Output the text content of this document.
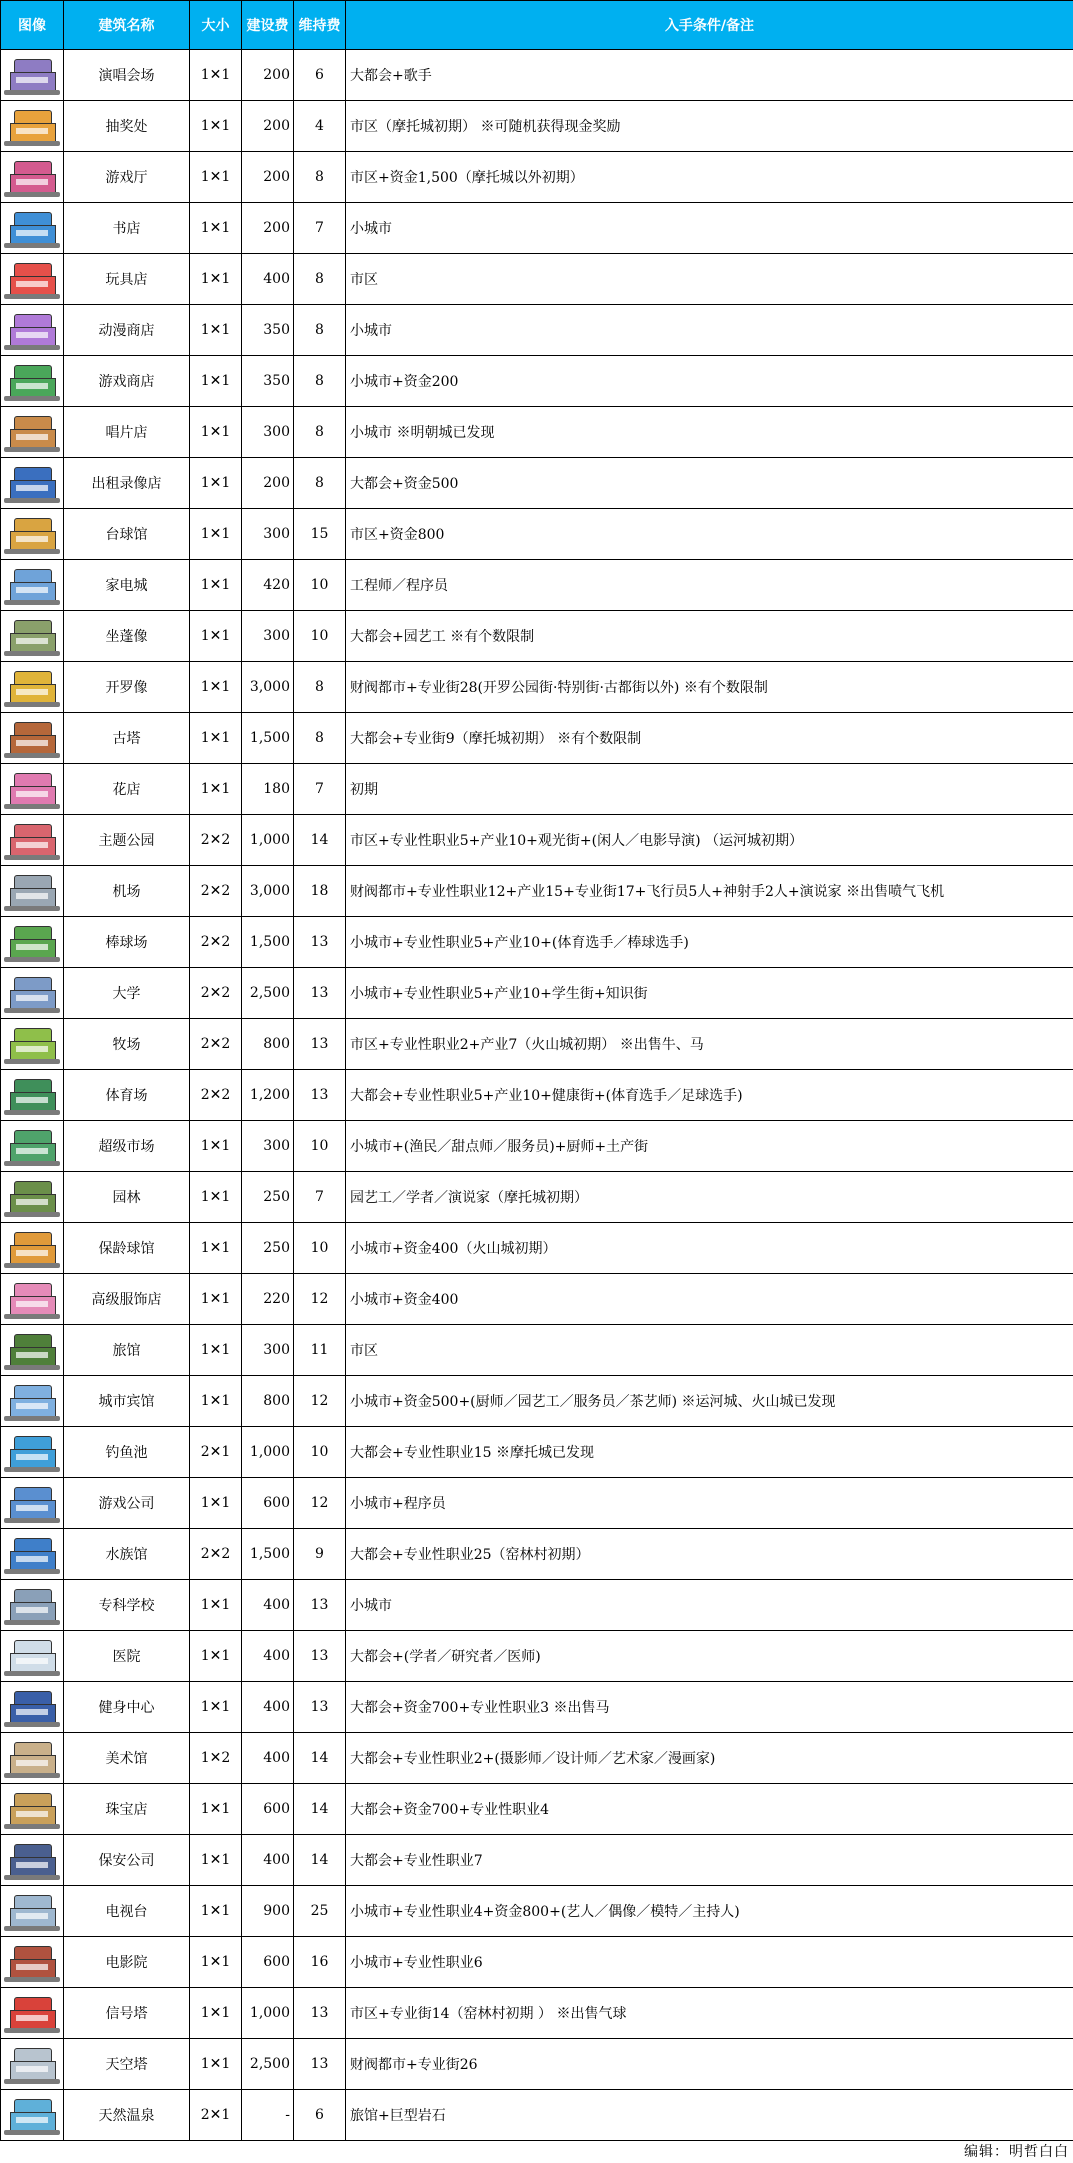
图像	建筑名称	大小	建设费	维持费	入手条件/备注

	演唱会场	1✕1	200	6	大都会+歌手

	抽奖处	1✕1	200	4	市区（摩托城初期） ※可随机获得现金奖励

	游戏厅	1✕1	200	8	市区+资金1,500（摩托城以外初期）

	书店	1✕1	200	7	小城市

	玩具店	1✕1	400	8	市区

	动漫商店	1✕1	350	8	小城市

	游戏商店	1✕1	350	8	小城市+资金200

	唱片店	1✕1	300	8	小城市 ※明朝城已发现

	出租录像店	1✕1	200	8	大都会+资金500

	台球馆	1✕1	300	15	市区+资金800

	家电城	1✕1	420	10	工程师／程序员

	坐蓬像	1✕1	300	10	大都会+园艺工 ※有个数限制

	开罗像	1✕1	3,000	8	财阀都市+专业街28(开罗公园街·特别街·古都街以外) ※有个数限制

	古塔	1✕1	1,500	8	大都会+专业街9（摩托城初期） ※有个数限制

	花店	1✕1	180	7	初期

	主题公园	2✕2	1,000	14	市区+专业性职业5+产业10+观光街+(闲人／电影导演) （运河城初期）

	机场	2✕2	3,000	18	财阀都市+专业性职业12+产业15+专业街17+飞行员5人+神射手2人+演说家 ※出售喷气飞机

	棒球场	2✕2	1,500	13	小城市+专业性职业5+产业10+(体育选手／棒球选手)

	大学	2✕2	2,500	13	小城市+专业性职业5+产业10+学生街+知识街

	牧场	2✕2	800	13	市区+专业性职业2+产业7（火山城初期） ※出售牛、马

	体育场	2✕2	1,200	13	大都会+专业性职业5+产业10+健康街+(体育选手／足球选手)

	超级市场	1✕1	300	10	小城市+(渔民／甜点师／服务员)+厨师+土产街

	园林	1✕1	250	7	园艺工／学者／演说家（摩托城初期）

	保龄球馆	1✕1	250	10	小城市+资金400（火山城初期）

	高级服饰店	1✕1	220	12	小城市+资金400

	旅馆	1✕1	300	11	市区

	城市宾馆	1✕1	800	12	小城市+资金500+(厨师／园艺工／服务员／茶艺师) ※运河城、火山城已发现

	钓鱼池	2✕1	1,000	10	大都会+专业性职业15 ※摩托城已发现

	游戏公司	1✕1	600	12	小城市+程序员

	水族馆	2✕2	1,500	9	大都会+专业性职业25（窑林村初期）

	专科学校	1✕1	400	13	小城市

	医院	1✕1	400	13	大都会+(学者／研究者／医师)

	健身中心	1✕1	400	13	大都会+资金700+专业性职业3 ※出售马

	美术馆	1✕2	400	14	大都会+专业性职业2+(摄影师／设计师／艺术家／漫画家)

	珠宝店	1✕1	600	14	大都会+资金700+专业性职业4

	保安公司	1✕1	400	14	大都会+专业性职业7

	电视台	1✕1	900	25	小城市+专业性职业4+资金800+(艺人／偶像／模特／主持人)

	电影院	1✕1	600	16	小城市+专业性职业6

	信号塔	1✕1	1,000	13	市区+专业街14（窑林村初期 ） ※出售气球

	天空塔	1✕1	2,500	13	财阀都市+专业街26

	天然温泉	2✕1	-	6	旅馆+巨型岩石
编辑：明哲白白
